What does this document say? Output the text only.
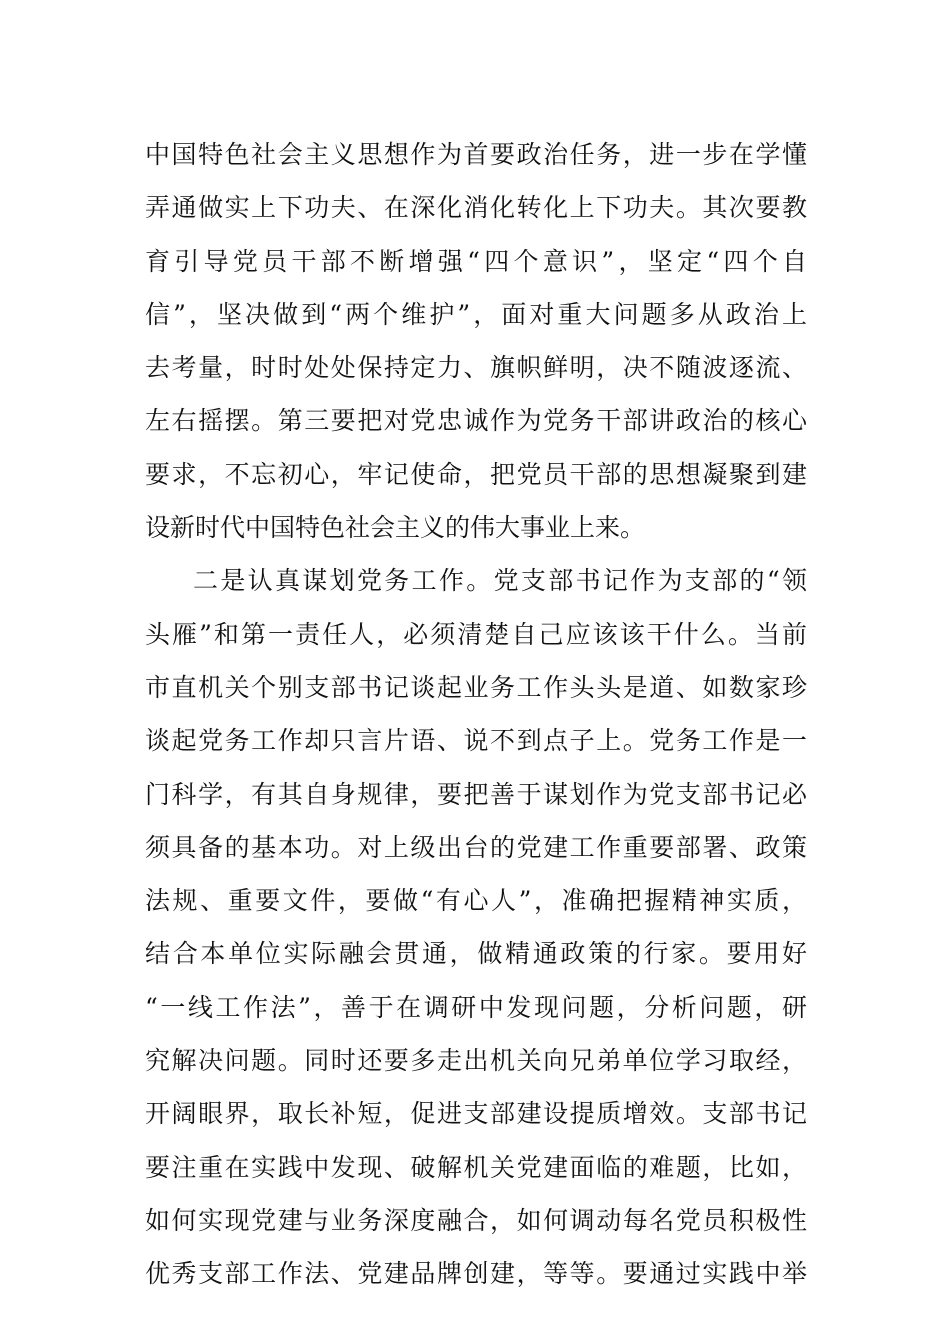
中国特色社会主义思想作为首要政治任务，进一步在学懂
弄通做实上下功夫、在深化消化转化上下功夫。其次要教
育引导党员干部不断增强“四个意识”，坚定“四个自
信”，坚决做到“两个维护”，面对重大问题多从政治上
去考量，时时处处保持定力、旗帜鲜明，决不随波逐流、
左右摇摆。第三要把对党忠诚作为党务干部讲政治的核心
要求，不忘初心，牢记使命，把党员干部的思想凝聚到建
设新时代中国特色社会主义的伟大事业上来。
二是认真谋划党务工作。党支部书记作为支部的“领
头雁”和第一责任人，必须清楚自己应该该干什么。当前
市直机关个别支部书记谈起业务工作头头是道、如数家珍
谈起党务工作却只言片语、说不到点子上。党务工作是一
门科学，有其自身规律，要把善于谋划作为党支部书记必
须具备的基本功。对上级出台的党建工作重要部署、政策
法规、重要文件，要做“有心人”，准确把握精神实质，
结合本单位实际融会贯通，做精通政策的行家。要用好
“一线工作法”，善于在调研中发现问题，分析问题，研
究解决问题。同时还要多走出机关向兄弟单位学习取经，
开阔眼界，取长补短，促进支部建设提质增效。支部书记
要注重在实践中发现、破解机关党建面临的难题，比如，
如何实现党建与业务深度融合，如何调动每名党员积极性
优秀支部工作法、党建品牌创建，等等。要通过实践中举
